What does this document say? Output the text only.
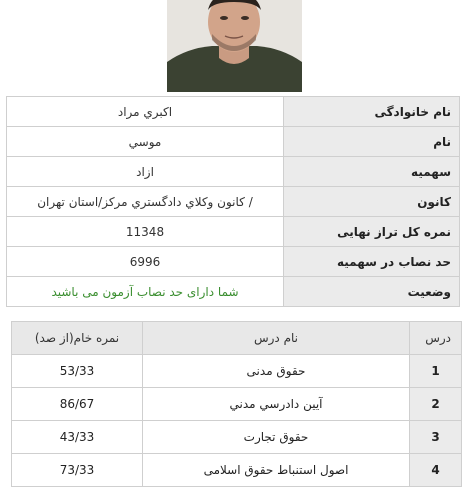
نام خانوادگی	اكبري مراد
نام	موسي
سهمیه	ازاد
کانون	/ كانون وكلاي دادگستري مركز/استان تهران
نمره کل تراز نهایی	11348
حد نصاب در سهمیه	6996
وضعیت	شما دارای حد نصاب آزمون می باشید
درس	نام درس	نمره خام(از صد)
1	حقوق مدنی	53/33
2	آيين دادرسي مدني	86/67
3	حقوق تجارت	43/33
4	اصول استنباط حقوق اسلامی	73/33
